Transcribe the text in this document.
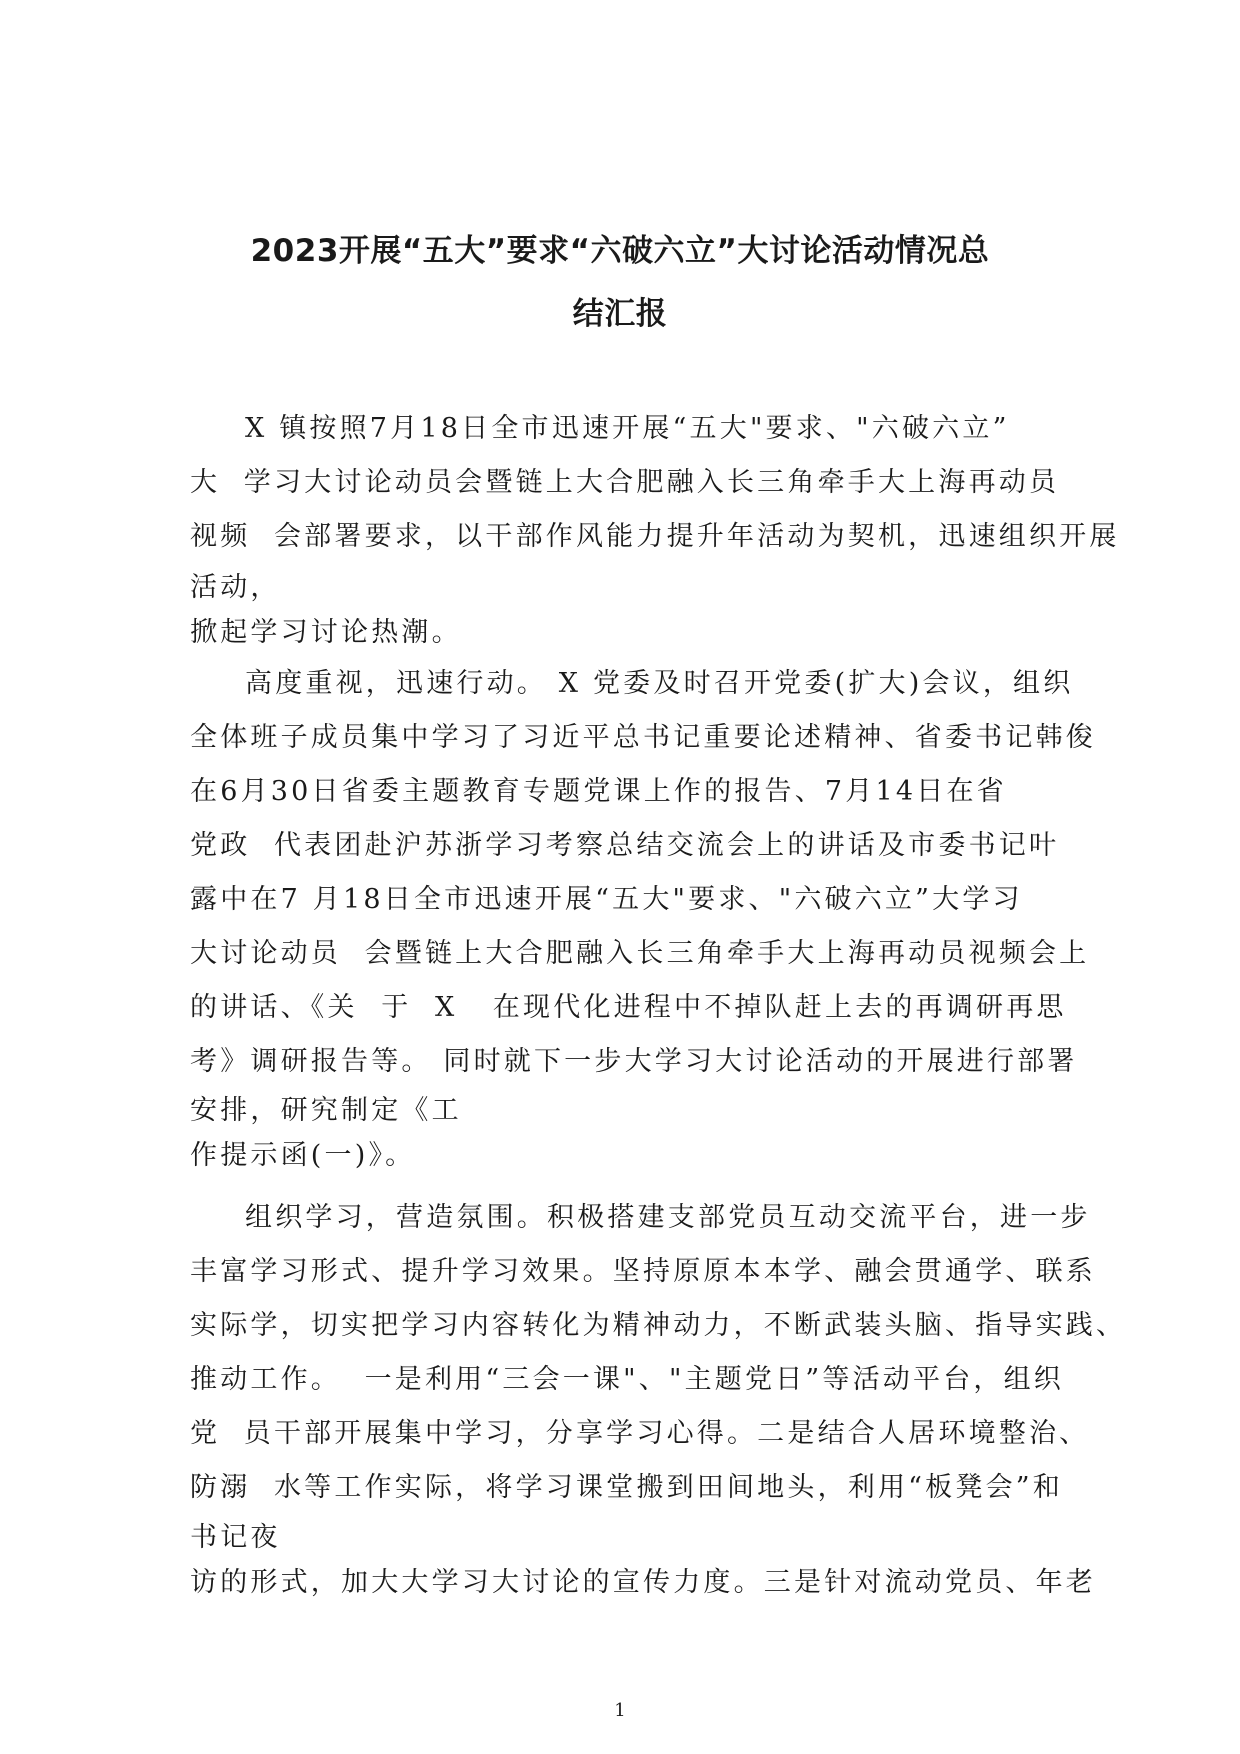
2023开展“五大”要求“六破六立”大讨论活动情况总
结汇报

X 镇按照7月18日全市迅速开展“五大"要求、"六破六立”

大  学习大讨论动员会暨链上大合肥融入长三角牵手大上海再动员

视频  会部署要求，以干部作风能力提升年活动为契机，迅速组织开展

活动，

掀起学习讨论热潮。

高度重视，迅速行动。 X 党委及时召开党委(扩大)会议，组织

全体班子成员集中学习了习近平总书记重要论述精神、省委书记韩俊

在6月30日省委主题教育专题党课上作的报告、7月14日在省

党政  代表团赴沪苏浙学习考察总结交流会上的讲话及市委书记叶

露中在7 月18日全市迅速开展“五大"要求、"六破六立”大学习

大讨论动员  会暨链上大合肥融入长三角牵手大上海再动员视频会上

的讲话、《关  于  X   在现代化进程中不掉队赶上去的再调研再思

考》调研报告等。 同时就下一步大学习大讨论活动的开展进行部署

安排，研究制定《工

作提示函(一)》。

组织学习，营造氛围。积极搭建支部党员互动交流平台，进一步

丰富学习形式、提升学习效果。坚持原原本本学、融会贯通学、联系

实际学，切实把学习内容转化为精神动力，不断武装头脑、指导实践、

推动工作。  一是利用“三会一课"、"主题党日”等活动平台，组织

党  员干部开展集中学习，分享学习心得。二是结合人居环境整治、

防溺  水等工作实际，将学习课堂搬到田间地头，利用“板凳会”和

书记夜

访的形式，加大大学习大讨论的宣传力度。三是针对流动党员、年老

1
